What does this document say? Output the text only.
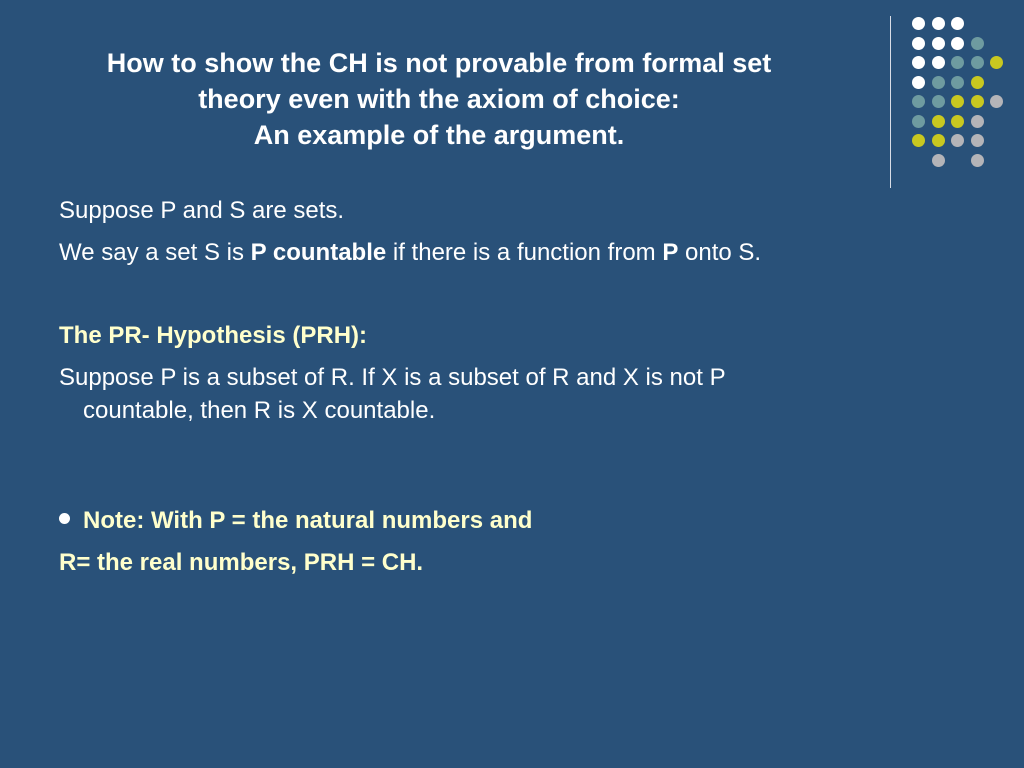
How to show the CH is not provable from formal set
theory even with the axiom of choice:
An example of the argument.
Suppose P and S are sets.
We say a set S is P countable if there is a function from P onto S.
The PR- Hypothesis (PRH):
Suppose P is a subset of R. If X is a subset of R and X is not P
countable, then R is X countable.
Note: With P = the natural numbers and
R= the real numbers, PRH = CH.
